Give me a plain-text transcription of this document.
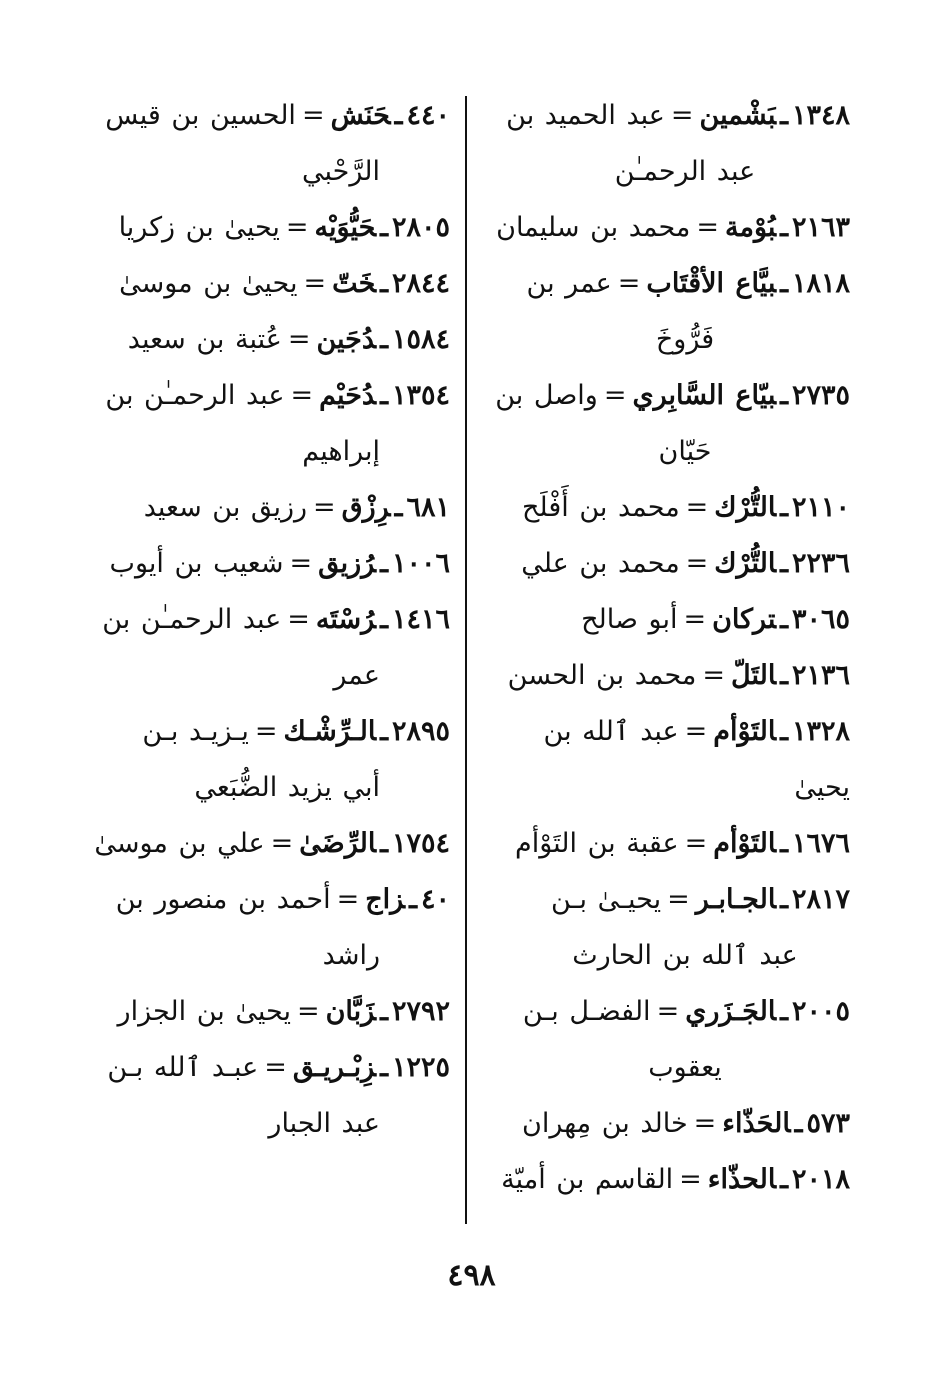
١٣٤٨ـبَشْمين=عبد الحميد بن
عبد الرحمـٰن

٢١٦٣ـبُوْمة=محمد بن سليمان

١٨١٨ـبيَّاع الأقْتَاب=عمر بن
فَرُّوخَ

٢٧٣٥ـبيّاع السَّابِري=واصل بن
حَيّان

٢١١٠ـالتُّرْك=محمد بن أَفْلَح

٢٢٣٦ـالتُّرْك=محمد بن علي

٣٠٦٥ـتركان=أبو صالح

٢١٣٦ـالتَلّ=محمد بن الحسن

١٣٢٨ـالتَوْأم=عبد ٱلله بن يحيىٰ

١٦٧٦ـالتَوْأم=عقبة بن التَوْأم

٢٨١٧ـالجـابـر=يحيـىٰ بـن
عبد ٱلله بن الحارث

٢٠٠٥ـالجَـزَري=الفضـل بـن
يعقوب

٥٧٣ـالحَذّاء=خالد بن مِهران

٢٠١٨ـالحذّاء=القاسم بن أميّة

٤٤٠ـحَنَش=الحسين بن قيس
الرَّحْبي

٢٨٠٥ـحَيُّوَيْه=يحيىٰ بن زكريا

٢٨٤٤ـخَتّ=يحيىٰ بن موسىٰ

١٥٨٤ـدُجَين=عُتبة بن سعيد

١٣٥٤ـدُحَيْم=عبد الرحمـٰن بن
إبراهيم

٦٨١ـرِزْق=رزيق بن سعيد

١٠٠٦ـرُزيق=شعيب بن أيوب

١٤١٦ـرُسْتَه=عبد الرحمـٰن بن
عمر

٢٨٩٥ـالـرِّشْـك=يـزيـد بـن
أبي يزيد الضُّبَعي

١٧٥٤ـالرِّضَىٰ=علي بن موسىٰ

٤٠ـزاج=أحمد بن منصور بن
راشد

٢٧٩٢ـزَبَّان=يحيىٰ بن الجزار

١٢٢٥ـزِبْـريـق=عبـد ٱلله بـن
عبد الجبار

٤٩٨
